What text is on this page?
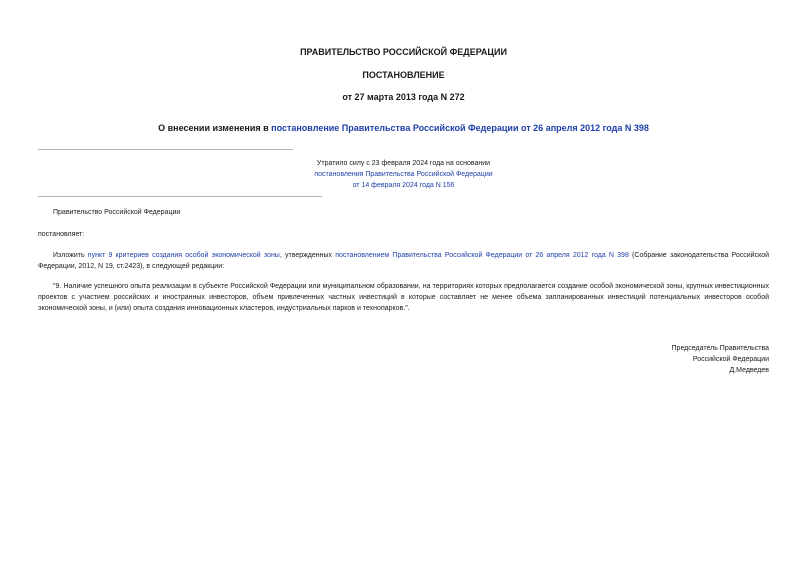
ПРАВИТЕЛЬСТВО РОССИЙСКОЙ ФЕДЕРАЦИИ
ПОСТАНОВЛЕНИЕ
от 27 марта 2013 года N 272
О внесении изменения в постановление Правительства Российской Федерации от 26 апреля 2012 года N 398
Утратило силу с 23 февраля 2024 года на основании
постановления Правительства Российской Федерации
от 14 февраля 2024 года N 156
Правительство Российской Федерации
постановляет:
Изложить пункт 9 критериев создания особой экономической зоны, утвержденных постановлением Правительства Российской Федерации от 26 апреля 2012 года N 398 (Собрание законодательства Российской Федерации, 2012, N 19, ст.2423), в следующей редакции:
"9. Наличие успешного опыта реализации в субъекте Российской Федерации или муниципальном образовании, на территориях которых предполагается создание особой экономической зоны, крупных инвестиционных проектов с участием российских и иностранных инвесторов, объем привлеченных частных инвестиций в которые составляет не менее объема запланированных инвестиций потенциальных инвесторов особой экономической зоны, и (или) опыта создания инновационных кластеров, индустриальных парков и технопарков.".
Председатель Правительства
Российской Федерации
Д.Медведев
